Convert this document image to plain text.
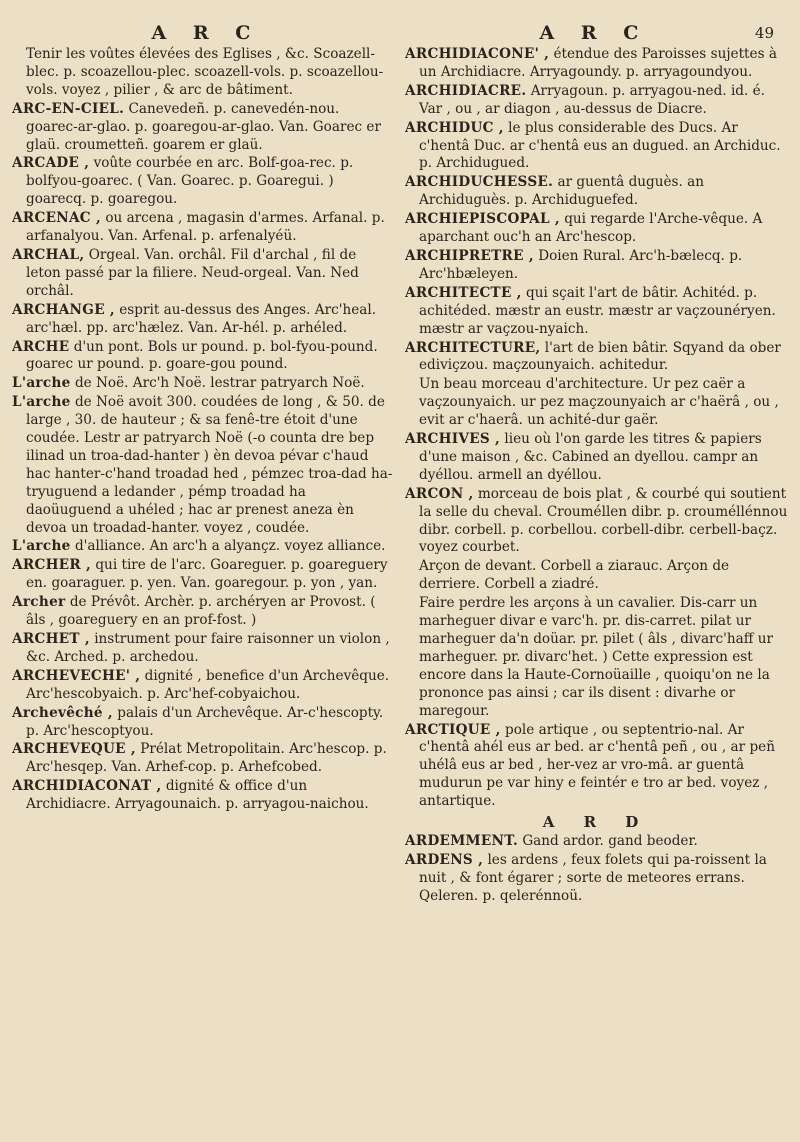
A R C	A R C	49

Tenir les voûtes élevées des Eglises , &c. Scoazell-blec. p. scoazellou-plec. scoazell-vols. p. scoazellou-vols. voyez , pilier , & arc de bâtiment.

ARC-EN-CIEL. Canevedeñ. p. canevedén-nou. goarec-ar-glao. p. goaregou-ar-glao. Van. Goarec er glaü. croumetteñ. goarem er glaü.

ARCADE , voûte courbée en arc. Bolf-goa-rec. p. bolfyou-goarec. ( Van. Goarec. p. Goaregui. ) goarecq. p. goaregou.

ARCENAC , ou arcena , magasin d'armes. Arfanal. p. arfanalyou. Van. Arfenal. p. arfenalyéü.

ARCHAL, Orgeal. Van. orchâl. Fil d'archal , fil de leton passé par la filiere. Neud-orgeal. Van. Ned orchâl.

ARCHANGE , esprit au-dessus des Anges. Arc'heal. arc'hæl. pp. arc'hælez. Van. Ar-hél. p. arhéled.

ARCHE d'un pont. Bols ur pound. p. bol-fyou-pound. goarec ur pound. p. goare-gou pound.

L'arche de Noë. Arc'h Noë. lestrar patryarch Noë.

L'arche de Noë avoit 300. coudées de long , & 50. de large , 30. de hauteur ; & sa fenê-tre étoit d'une coudée. Lestr ar patryarch Noë (-o counta dre bep ilinad un troa-dad-hanter ) èn devoa pévar c'haud hac hanter-c'hand troadad hed , pémzec troa-dad ha-tryuguend a ledander , pémp troadad ha daoüuguend a uhéled ; hac ar prenest aneza èn devoa un troadad-hanter. voyez , coudée.

L'arche d'alliance. An arc'h a alyançz. voyez alliance.

ARCHER , qui tire de l'arc. Goareguer. p. goareguery en. goaraguer. p. yen. Van. goaregour. p. yon , yan.

Archer de Prévôt. Archèr. p. archéryen ar Provost. ( âls , goareguery en an prof-fost. )

ARCHET , instrument pour faire raisonner un violon , &c. Arched. p. archedou.

ARCHEVECHE' , dignité , benefice d'un Archevêque. Arc'hescobyaich. p. Arc'hef-cobyaichou.

Archevêché , palais d'un Archevêque. Ar-c'hescopty. p. Arc'hescoptyou.

ARCHEVEQUE , Prélat Metropolitain. Arc'hescop. p. Arc'hesqep. Van. Arhef-cop. p. Arhefcobed.

ARCHIDIACONAT , dignité & office d'un Archidiacre. Arryagounaich. p. arryagou-naichou.

ARCHIDIACONE' , étendue des Paroisses sujettes à un Archidiacre. Arryagoundy. p. arryagoundyou.

ARCHIDIACRE. Arryagoun. p. arryagou-ned. id. é. Var , ou , ar diagon , au-dessus de Diacre.

ARCHIDUC , le plus considerable des Ducs. Ar c'hentâ Duc. ar c'hentâ eus an dugued. an Archiduc. p. Archidugued.

ARCHIDUCHESSE. ar guentâ duguès. an Archiduguès. p. Archiduguefed.

ARCHIEPISCOPAL , qui regarde l'Arche-vêque. A aparchant ouc'h an Arc'hescop.

ARCHIPRETRE , Doien Rural. Arc'h-bælecq. p. Arc'hbæleyen.

ARCHITECTE , qui sçait l'art de bâtir. Achitéd. p. achitéded. mæstr an eustr. mæstr ar vaçzounéryen. mæstr ar vaçzou-nyaich.

ARCHITECTURE, l'art de bien bâtir. Sqyand da ober ediviçzou. maçzounyaich. achitedur.

Un beau morceau d'architecture. Ur pez caër a vaçzounyaich. ur pez maçzounyaich ar c'haërâ , ou , evit ar c'haerâ. un achité-dur gaër.

ARCHIVES , lieu où l'on garde les titres & papiers d'une maison , &c. Cabined an dyellou. campr an dyéllou. armell an dyéllou.

ARCON , morceau de bois plat , & courbé qui soutient la selle du cheval. Crouméllen dibr. p. crouméllénnou dibr. corbell. p. corbellou. corbell-dibr. cerbell-baçz. voyez courbet.

Arçon de devant. Corbell a ziarauc. Arçon de derriere. Corbell a ziadré.

Faire perdre les arçons à un cavalier. Dis-carr un marheguer divar e varc'h. pr. dis-carret. pilat ur marheguer da'n doüar. pr. pilet ( âls , divarc'haff ur marheguer. pr. divarc'het. ) Cette expression est encore dans la Haute-Cornoüaille , quoiqu'on ne la prononce pas ainsi ; car ils disent : divarhe or maregour.

ARCTIQUE , pole artique , ou septentrio-nal. Ar c'hentâ ahél eus ar bed. ar c'hentâ peñ , ou , ar peñ uhélâ eus ar bed , her-vez ar vro-mâ. ar guentâ mudurun pe var hiny e feintér e tro ar bed. voyez , antartique.

A R D

ARDEMMENT. Gand ardor. gand beoder.

ARDENS , les ardens , feux folets qui pa-roissent la nuit , & font égarer ; sorte de meteores errans. Qeleren. p. qelerénnoü.
